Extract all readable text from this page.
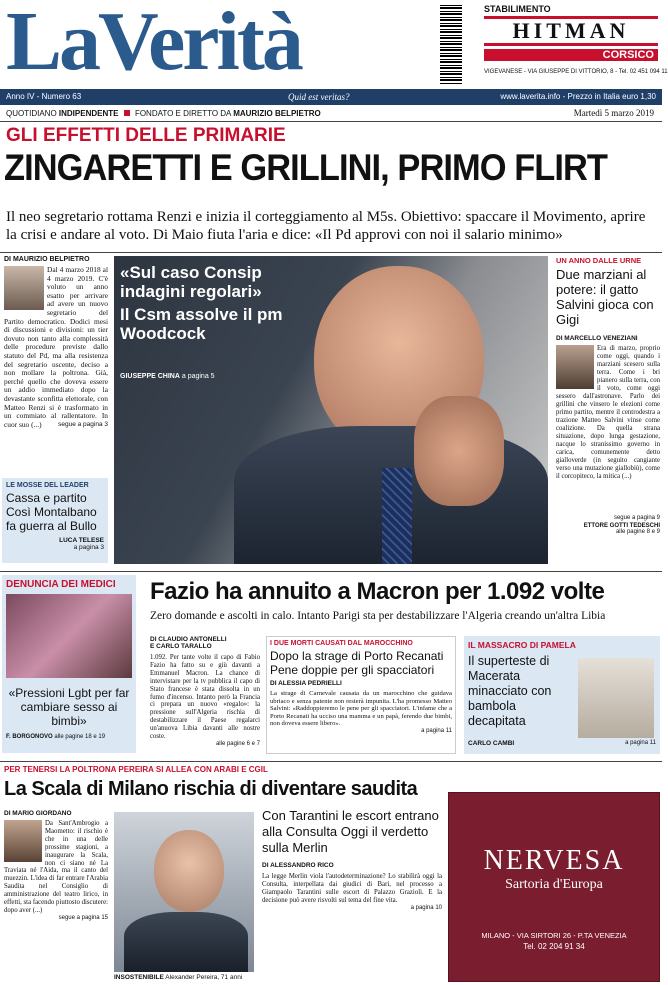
LaVerità	STABILIMENTO
HITMAN
CORSICO
VIGEVANESE - VIA GIUSEPPE DI VITTORIO, 8 - Tel. 02 451 094 11
Anno IV - Numero 63	Quid est veritas?	www.laverita.info - Prezzo in Italia euro 1,30
QUOTIDIANO INDIPENDENTE FONDATO E DIRETTO DA MAURIZIO BELPIETRO	Martedì 5 marzo 2019
GLI EFFETTI DELLE PRIMARIE
ZINGARETTI E GRILLINI, PRIMO FLIRT
Il neo segretario rottama Renzi e inizia il corteggiamento al M5s. Obiettivo: spaccare il Movimento, aprire la crisi e andare al voto. Di Maio fiuta l'aria e dice: «Il Pd approvi con noi il salario minimo»
DI MAURIZIO BELPIETRO

Dal 4 marzo 2018 al 4 marzo 2019. C'è voluto un anno esatto per arrivare ad avere un nuovo segretario del Partito democratico. Dodici mesi di discussioni e divisioni: un tier dovuto non tanto alla complessità delle procedure previste dallo statuto del Pd, ma alla resistenza del segretario uscente, deciso a non mollare la poltrona. Già, perché quello che doveva essere un addio immediato dopo la devastante sconfitta elettorale, con Matteo Renzi si è trasformato in un commiato al rallentatore. In cuor suo (...)	segue a pagina 3
LE MOSSE DEL LEADER
Cassa e partito Così Montalbano fa guerra al Bullo
LUCA TELESE
a pagina 3
«Sul caso Consip indagini regolari»
Il Csm assolve il pm Woodcock
GIUSEPPE CHINA a pagina 5
UN ANNO DALLE URNE
Due marziani al potere: il gatto Salvini gioca con Gigi
DI MARCELLO VENEZIANI

Era di marzo, proprio come oggi, quando i marziani scesero sulla terra. Come i bri pianero sulla terra, con il voto, come oggi sessero dall'astronave. Parlo dei grillini che vinsero le elezioni come primo partito, mentre il centrodestra a trazione Matteo Salvini vinse come coalizione. Da quella strana situazione, dopo lunga gestazione, nacque lo stranissimo governo in carica, comunemente detto gialloverde (in seguito cangiante verso una mutazione giallobiù), come il corcopiteco, la mitica (...)

segue a pagina 9
ETTORE GOTTI TEDESCHI
alle pagine 8 e 9
DENUNCIA DEI MEDICI
«Pressioni Lgbt per far cambiare sesso ai bimbi»
F. BORGONOVO alle pagine 18 e 19
Fazio ha annuito a Macron per 1.092 volte
Zero domande e ascolti in calo. Intanto Parigi sta per destabilizzare l'Algeria creando un'altra Libia
DI CLAUDIO ANTONELLI
E CARLO TARALLO

1.092. Per tante volte il capo di Fabio Fazio ha fatto su e giù davanti a Emmanuel Macron. La chance di intervistare per la tv pubblica il capo di Stato francese è stata dissolta in un fumo d'incenso. Intanto però la Francia ci prepara un nuovo «regalo»: la pressione sull'Algeria rischia di destabilizzare il Paese regalarci un'anuova Libia davanti alle nostre coste.

alle pagine 6 e 7
I DUE MORTI CAUSATI DAL MAROCCHINO
Dopo la strage di Porto Recanati Pene doppie per gli spacciatori
DI ALESSIA PEDRIELLI

La strage di Carnevale causata da un marocchino che guidava ubriaco e senza patente non resterà impunita. L'ha promesso Matteo Salvini: «Raddoppieremo le pene per gli spacciatori. L'infame che a Porto Recanati ha ucciso una mamma e un papà, ferendo due bimbi, non doveva essere libero».

a pagina 11
IL MASSACRO DI PAMELA
Il superteste di Macerata minacciato con bambola decapitata
CARLO CAMBI	a pagina 11
PER TENERSI LA POLTRONA PEREIRA SI ALLEA CON ARABI E CGIL
La Scala di Milano rischia di diventare saudita
DI MARIO GIORDANO

Da Sant'Ambrogio a Maometto: il rischio è che in una delle prossime stagioni, a inaugurare la Scala, non ci siano né La Traviata né l'Aida, ma il canto del muezzin. L'idea di far entrare l'Arabia Saudita nel Consiglio di amministrazione del teatro lirico, in effetti, sta facendo piuttosto discutere: dopo aver (...)

segue a pagina 15
INSOSTENIBILE Alexander Pereira, 71 anni
Con Tarantini le escort entrano alla Consulta Oggi il verdetto sulla Merlin
DI ALESSANDRO RICO

La legge Merlin viola l'autodeterminazione? Lo stabilirà oggi la Consulta, interpellata dai giudici di Bari, nel processo a Giampaolo Tarantini sulle escort di Palazzo Grazioli. E la decisione può avere risvolti sul tema del fine vita.

a pagina 10
NERVESA
Sartoria d'Europa
MILANO - VIA SIRTORI 26 - P.TA VENEZIA
Tel. 02 204 91 34
